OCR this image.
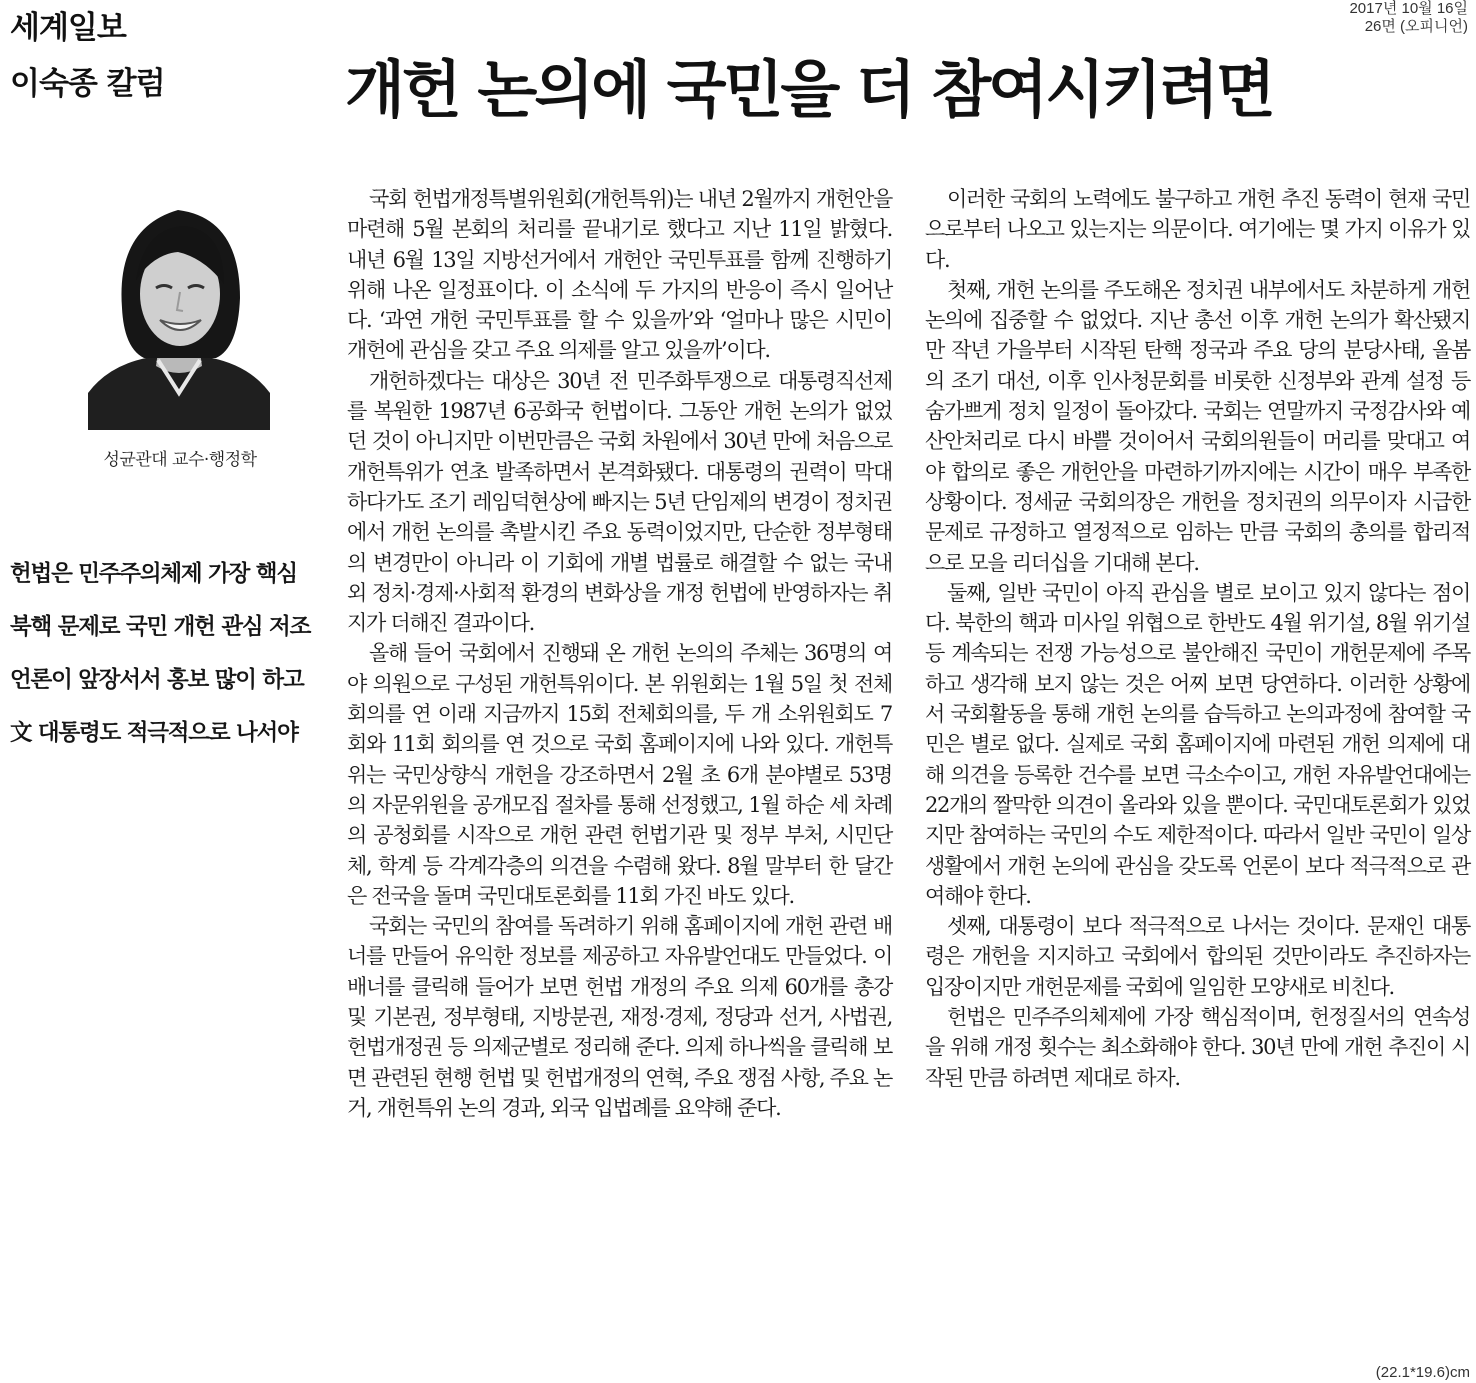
세계일보
2017년 10월 16일
26면 (오피니언)
이숙종 칼럼	개헌 논의에 국민을 더 참여시키려면
성균관대 교수·행정학
헌법은 민주주의체제 가장 핵심
북핵 문제로 국민 개헌 관심 저조
언론이 앞장서서 홍보 많이 하고
文 대통령도 적극적으로 나서야

국회 헌법개정특별위원회(개헌특위)는 내년 2월까지 개헌안을 마련해 5월 본회의 처리를 끝내기로 했다고 지난 11일 밝혔다. 내년 6월 13일 지방선거에서 개헌안 국민투표를 함께 진행하기 위해 나온 일정표이다. 이 소식에 두 가지의 반응이 즉시 일어난다. ‘과연 개헌 국민투표를 할 수 있을까’와 ‘얼마나 많은 시민이 개헌에 관심을 갖고 주요 의제를 알고 있을까’이다.

개헌하겠다는 대상은 30년 전 민주화투쟁으로 대통령직선제를 복원한 1987년 6공화국 헌법이다. 그동안 개헌 논의가 없었던 것이 아니지만 이번만큼은 국회 차원에서 30년 만에 처음으로 개헌특위가 연초 발족하면서 본격화됐다. 대통령의 권력이 막대하다가도 조기 레임덕현상에 빠지는 5년 단임제의 변경이 정치권에서 개헌 논의를 촉발시킨 주요 동력이었지만, 단순한 정부형태의 변경만이 아니라 이 기회에 개별 법률로 해결할 수 없는 국내외 정치·경제·사회적 환경의 변화상을 개정 헌법에 반영하자는 취지가 더해진 결과이다.

올해 들어 국회에서 진행돼 온 개헌 논의의 주체는 36명의 여야 의원으로 구성된 개헌특위이다. 본 위원회는 1월 5일 첫 전체회의를 연 이래 지금까지 15회 전체회의를, 두 개 소위원회도 7회와 11회 회의를 연 것으로 국회 홈페이지에 나와 있다. 개헌특위는 국민상향식 개헌을 강조하면서 2월 초 6개 분야별로 53명의 자문위원을 공개모집 절차를 통해 선정했고, 1월 하순 세 차례의 공청회를 시작으로 개헌 관련 헌법기관 및 정부 부처, 시민단체, 학계 등 각계각층의 의견을 수렴해 왔다. 8월 말부터 한 달간은 전국을 돌며 국민대토론회를 11회 가진 바도 있다.

국회는 국민의 참여를 독려하기 위해 홈페이지에 개헌 관련 배너를 만들어 유익한 정보를 제공하고 자유발언대도 만들었다. 이 배너를 클릭해 들어가 보면 헌법 개정의 주요 의제 60개를 총강 및 기본권, 정부형태, 지방분권, 재정·경제, 정당과 선거, 사법권, 헌법개정권 등 의제군별로 정리해 준다. 의제 하나씩을 클릭해 보면 관련된 현행 헌법 및 헌법개정의 연혁, 주요 쟁점 사항, 주요 논거, 개헌특위 논의 경과, 외국 입법례를 요약해 준다.

이러한 국회의 노력에도 불구하고 개헌 추진 동력이 현재 국민으로부터 나오고 있는지는 의문이다. 여기에는 몇 가지 이유가 있다.

첫째, 개헌 논의를 주도해온 정치권 내부에서도 차분하게 개헌 논의에 집중할 수 없었다. 지난 총선 이후 개헌 논의가 확산됐지만 작년 가을부터 시작된 탄핵 정국과 주요 당의 분당사태, 올봄의 조기 대선, 이후 인사청문회를 비롯한 신정부와 관계 설정 등 숨가쁘게 정치 일정이 돌아갔다. 국회는 연말까지 국정감사와 예산안처리로 다시 바쁠 것이어서 국회의원들이 머리를 맞대고 여야 합의로 좋은 개헌안을 마련하기까지에는 시간이 매우 부족한 상황이다. 정세균 국회의장은 개헌을 정치권의 의무이자 시급한 문제로 규정하고 열정적으로 임하는 만큼 국회의 총의를 합리적으로 모을 리더십을 기대해 본다.

둘째, 일반 국민이 아직 관심을 별로 보이고 있지 않다는 점이다. 북한의 핵과 미사일 위협으로 한반도 4월 위기설, 8월 위기설 등 계속되는 전쟁 가능성으로 불안해진 국민이 개헌문제에 주목하고 생각해 보지 않는 것은 어찌 보면 당연하다. 이러한 상황에서 국회활동을 통해 개헌 논의를 습득하고 논의과정에 참여할 국민은 별로 없다. 실제로 국회 홈페이지에 마련된 개헌 의제에 대해 의견을 등록한 건수를 보면 극소수이고, 개헌 자유발언대에는 22개의 짤막한 의견이 올라와 있을 뿐이다. 국민대토론회가 있었지만 참여하는 국민의 수도 제한적이다. 따라서 일반 국민이 일상생활에서 개헌 논의에 관심을 갖도록 언론이 보다 적극적으로 관여해야 한다.

셋째, 대통령이 보다 적극적으로 나서는 것이다. 문재인 대통령은 개헌을 지지하고 국회에서 합의된 것만이라도 추진하자는 입장이지만 개헌문제를 국회에 일임한 모양새로 비친다.

헌법은 민주주의체제에 가장 핵심적이며, 헌정질서의 연속성을 위해 개정 횟수는 최소화해야 한다. 30년 만에 개헌 추진이 시작된 만큼 하려면 제대로 하자.

(22.1*19.6)cm
